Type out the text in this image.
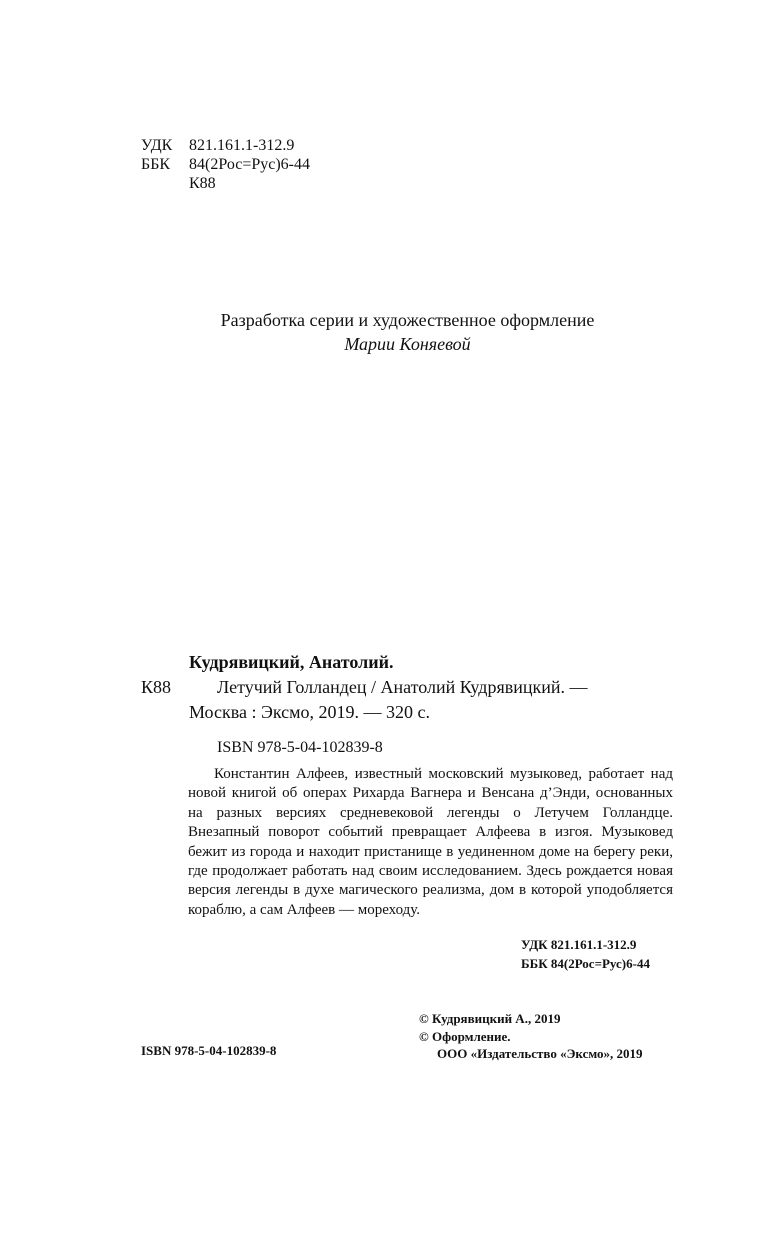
УДК	821.161.1-312.9
ББК	84(2Рос=Рус)6-44
К88
Разработка серии и художественное оформление
Марии Коняевой
Кудрявицкий, Анатолий.
К88	Летучий Голландец / Анатолий Кудрявицкий. —
Москва : Эксмо, 2019. — 320 с.
ISBN 978-5-04-102839-8
Константин Алфеев, известный московский музыковед, работает над новой книгой об операх Рихарда Вагнера и Венсана д’Энди, основанных на разных версиях средневековой легенды о Летучем Голландце. Внезапный поворот событий превращает Алфеева в изгоя. Музыковед бежит из города и находит пристанище в уединенном доме на берегу реки, где продолжает работать над своим исследованием. Здесь рождается новая версия легенды в духе магического реализма, дом в которой уподобляется кораблю, а сам Алфеев — мореходу.
УДК 821.161.1-312.9
ББК 84(2Рос=Рус)6-44
ISBN 978-5-04-102839-8
© Кудрявицкий А., 2019
© Оформление.
ООО «Издательство «Эксмо», 2019
